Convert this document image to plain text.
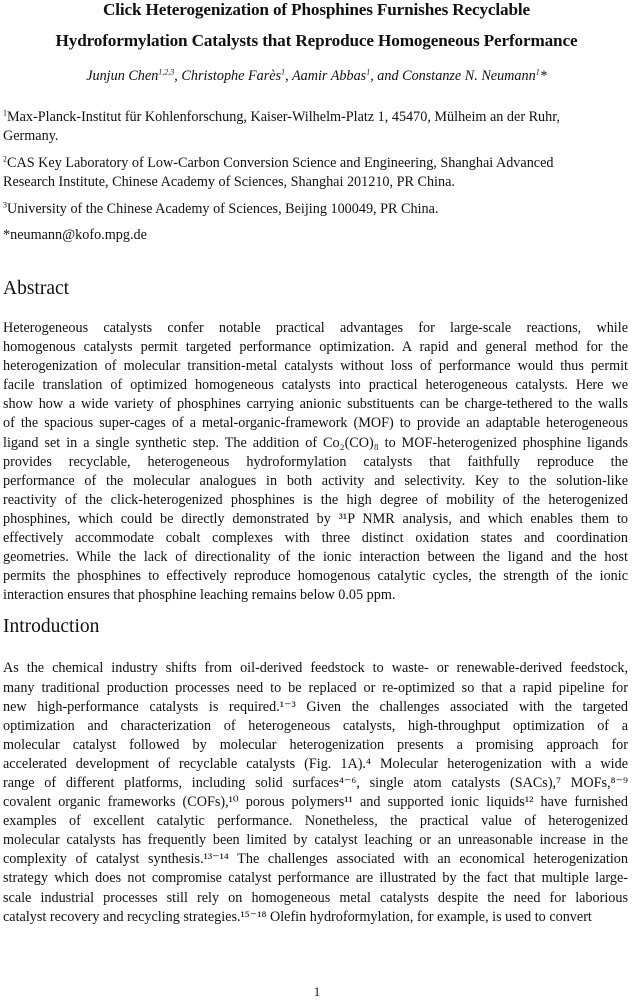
Click Heterogenization of Phosphines Furnishes Recyclable
Hydroformylation Catalysts that Reproduce Homogeneous Performance
Junjun Chen$^{1,2,3}$, Christophe Farès$^1$, Aamir Abbas$^1$, and Constanze N. Neumann$^1$*
$^1$Max-Planck-Institut für Kohlenforschung, Kaiser-Wilhelm-Platz 1, 45470, Mülheim an der Ruhr,
Germany.
$^2$CAS Key Laboratory of Low-Carbon Conversion Science and Engineering, Shanghai Advanced
Research Institute, Chinese Academy of Sciences, Shanghai 201210, PR China.
$^3$University of the Chinese Academy of Sciences, Beijing 100049, PR China.
*neumann@kofo.mpg.de
Abstract
Heterogeneous catalysts confer notable practical advantages for large-scale reactions, while
homogenous catalysts permit targeted performance optimization. A rapid and general method for the
heterogenization of molecular transition-metal catalysts without loss of performance would thus permit
facile translation of optimized homogeneous catalysts into practical heterogeneous catalysts. Here we
show how a wide variety of phosphines carrying anionic substituents can be charge-tethered to the walls
of the spacious super-cages of a metal-organic-framework (MOF) to provide an adaptable heterogeneous
ligand set in a single synthetic step. The addition of Co₂(CO)₈ to MOF-heterogenized phosphine ligands
provides recyclable, heterogeneous hydroformylation catalysts that faithfully reproduce the
performance of the molecular analogues in both activity and selectivity. Key to the solution-like
reactivity of the click-heterogenized phosphines is the high degree of mobility of the heterogenized
phosphines, which could be directly demonstrated by ³¹P NMR analysis, and which enables them to
effectively accommodate cobalt complexes with three distinct oxidation states and coordination
geometries. While the lack of directionality of the ionic interaction between the ligand and the host
permits the phosphines to effectively reproduce homogenous catalytic cycles, the strength of the ionic
interaction ensures that phosphine leaching remains below 0.05 ppm.
Introduction
As the chemical industry shifts from oil-derived feedstock to waste- or renewable-derived feedstock,
many traditional production processes need to be replaced or re-optimized so that a rapid pipeline for
new high-performance catalysts is required.¹⁻³ Given the challenges associated with the targeted
optimization and characterization of heterogeneous catalysts, high-throughput optimization of a
molecular catalyst followed by molecular heterogenization presents a promising approach for
accelerated development of recyclable catalysts (Fig. 1A).⁴ Molecular heterogenization with a wide
range of different platforms, including solid surfaces⁴⁻⁶, single atom catalysts (SACs),⁷ MOFs,⁸⁻⁹
covalent organic frameworks (COFs),¹⁰ porous polymers¹¹ and supported ionic liquids¹² have furnished
examples of excellent catalytic performance. Nonetheless, the practical value of heterogenized
molecular catalysts has frequently been limited by catalyst leaching or an unreasonable increase in the
complexity of catalyst synthesis.¹³⁻¹⁴ The challenges associated with an economical heterogenization
strategy which does not compromise catalyst performance are illustrated by the fact that multiple large-
scale industrial processes still rely on homogeneous metal catalysts despite the need for laborious
catalyst recovery and recycling strategies.¹⁵⁻¹⁸ Olefin hydroformylation, for example, is used to convert
1
